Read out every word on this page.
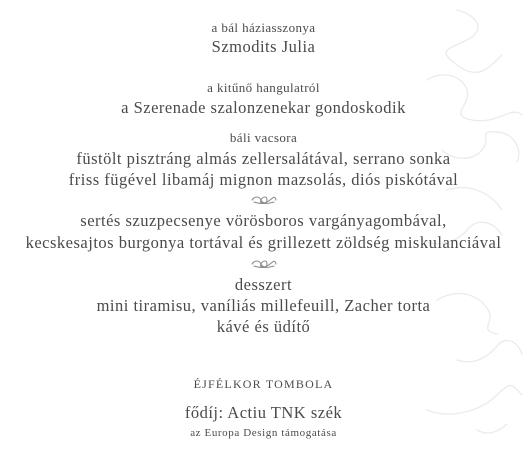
a bál háziasszonya
Szmodits Julia
a kitűnő hangulatról
a Szerenade szalonzenekar gondoskodik
báli vacsora
füstölt pisztráng almás zellersalátával, serrano sonka
friss fügével libamáj mignon mazsolás, diós piskótával
sertés szuzpecsenye vörösboros vargányagombával,
kecskesajtos burgonya tortával és grillezett zöldség miskulanciával
desszert
mini tiramisu, vaníliás millefeuill, Zacher torta
kávé és üdítő
ÉJFÉLKOR TOMBOLA
fődíj: Actiu TNK szék
az Europa Design támogatása
